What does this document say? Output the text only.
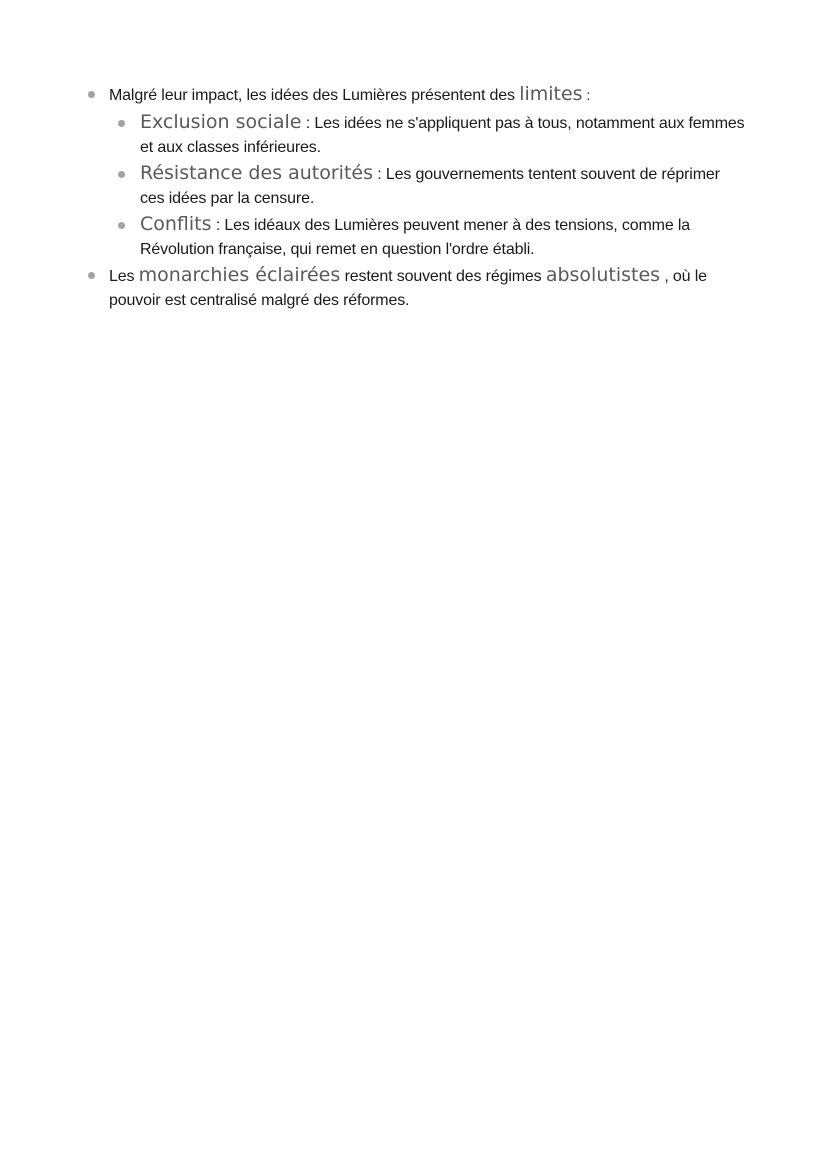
Malgré leur impact, les idées des Lumières présentent des limites :
Exclusion sociale : Les idées ne s'appliquent pas à tous, notamment aux femmes et aux classes inférieures.
Résistance des autorités : Les gouvernements tentent souvent de réprimer ces idées par la censure.
Conflits : Les idéaux des Lumières peuvent mener à des tensions, comme la Révolution française, qui remet en question l'ordre établi.
Les monarchies éclairées restent souvent des régimes absolutistes , où le pouvoir est centralisé malgré des réformes.
